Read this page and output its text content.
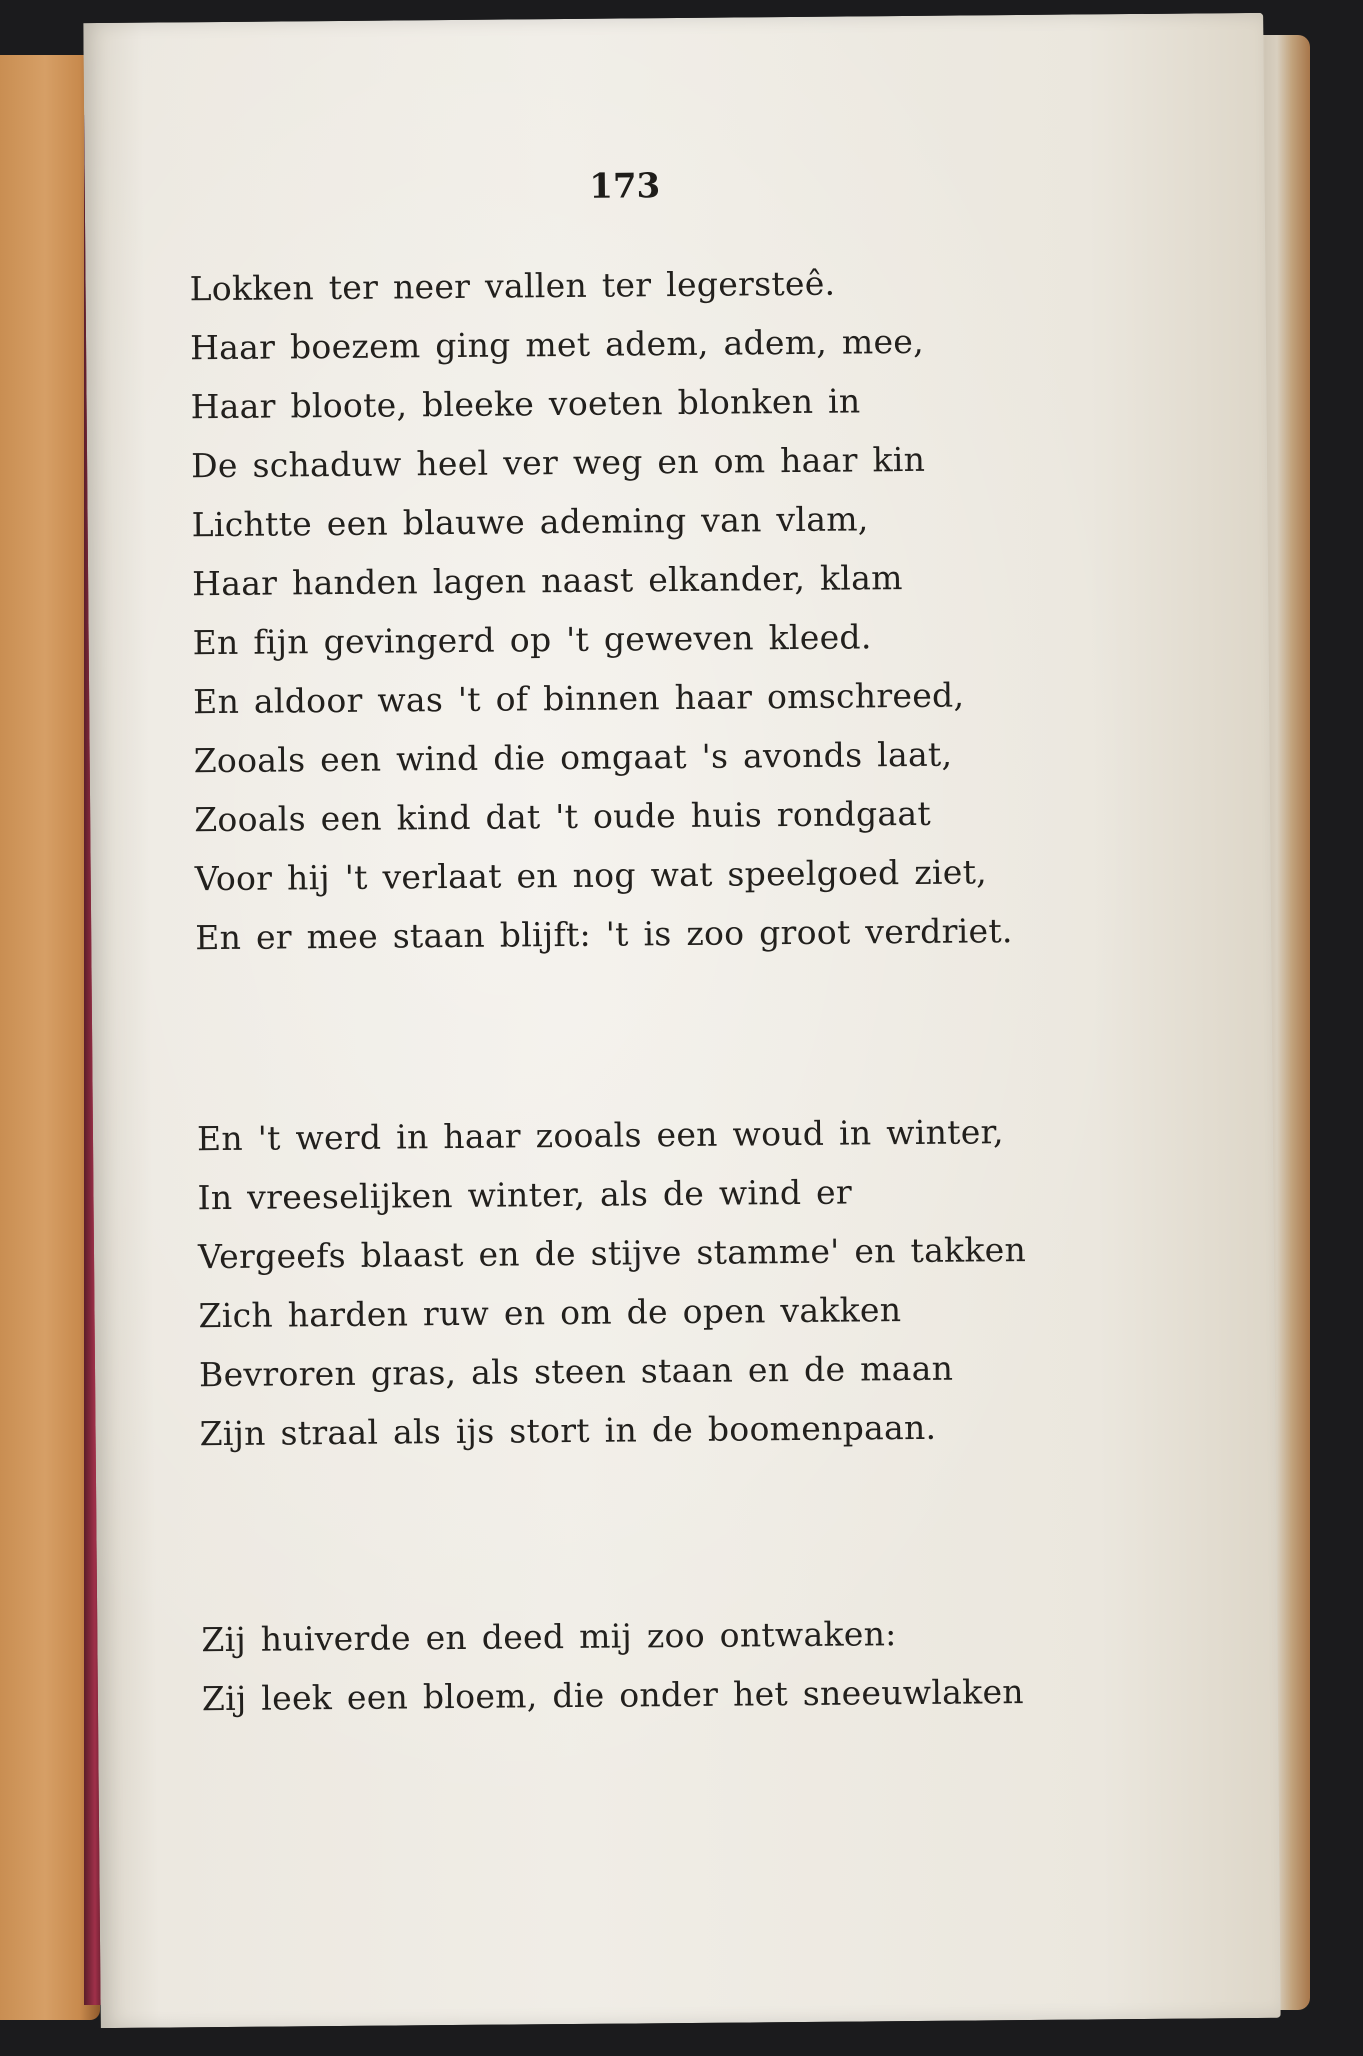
173
Lokken ter neer vallen ter legersteê.
Haar boezem ging met adem, adem, mee,
Haar bloote, bleeke voeten blonken in
De schaduw heel ver weg en om haar kin
Lichtte een blauwe ademing van vlam,
Haar handen lagen naast elkander, klam
En fijn gevingerd op 't geweven kleed.
En aldoor was 't of binnen haar omschreed,
Zooals een wind die omgaat 's avonds laat,
Zooals een kind dat 't oude huis rondgaat
Voor hij 't verlaat en nog wat speelgoed ziet,
En er mee staan blijft: 't is zoo groot verdriet.
En 't werd in haar zooals een woud in winter,
In vreeselijken winter, als de wind er
Vergeefs blaast en de stijve stamme' en takken
Zich harden ruw en om de open vakken
Bevroren gras, als steen staan en de maan
Zijn straal als ijs stort in de boomenpaan.
Zij huiverde en deed mij zoo ontwaken:
Zij leek een bloem, die onder het sneeuwlaken
